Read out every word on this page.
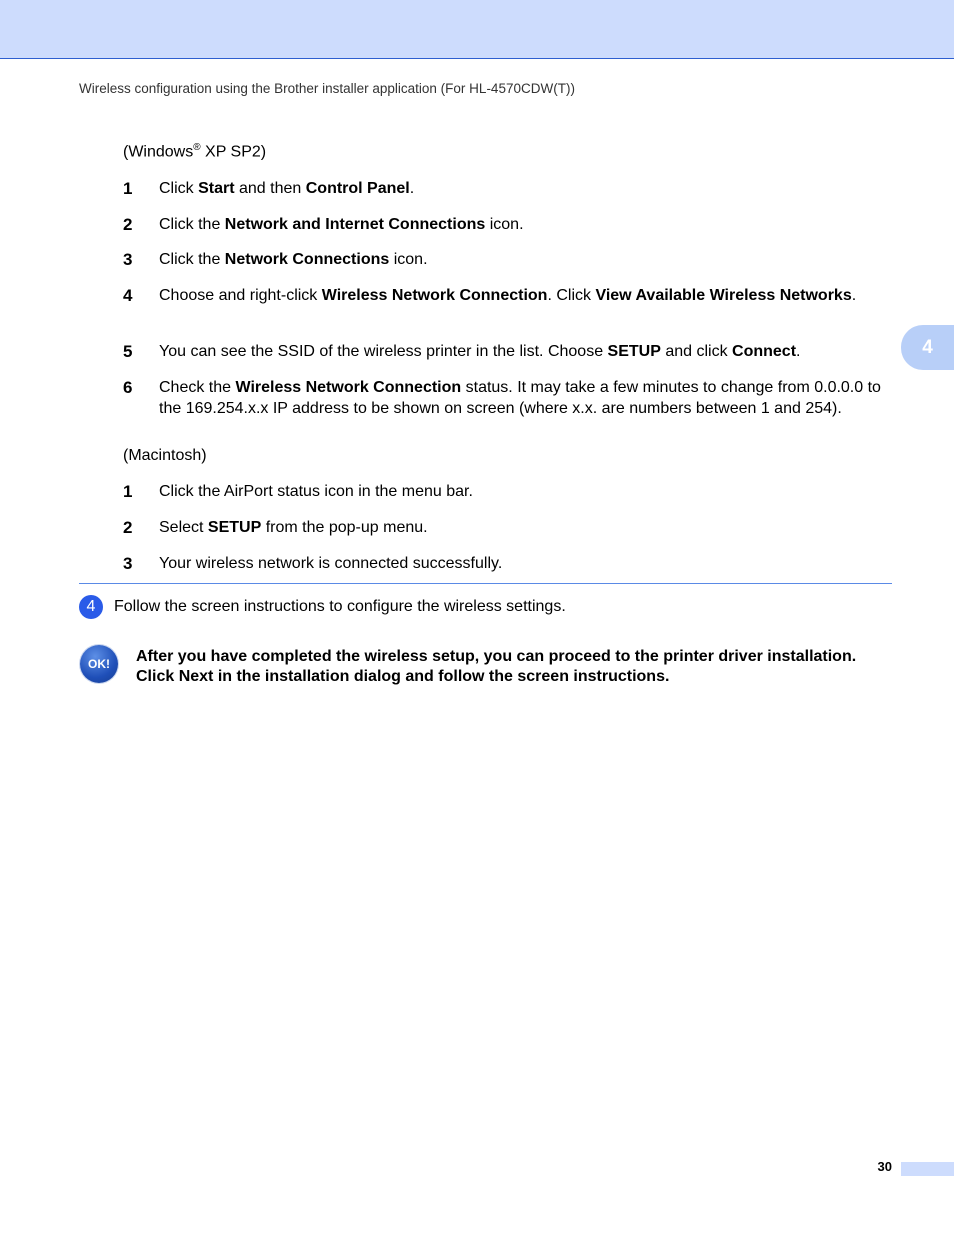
Wireless configuration using the Brother installer application (For HL-4570CDW(T))
4
(Windows® XP SP2)
1 Click Start and then Control Panel.
2 Click the Network and Internet Connections icon.
3 Click the Network Connections icon.
4 Choose and right-click Wireless Network Connection. Click View Available Wireless Networks.
5 You can see the SSID of the wireless printer in the list. Choose SETUP and click Connect.
6 Check the Wireless Network Connection status. It may take a few minutes to change from 0.0.0.0 to the 169.254.x.x IP address to be shown on screen (where x.x. are numbers between 1 and 254).
(Macintosh)
1 Click the AirPort status icon in the menu bar.
2 Select SETUP from the pop-up menu.
3 Your wireless network is connected successfully.
4	Follow the screen instructions to configure the wireless settings.
OK!	After you have completed the wireless setup, you can proceed to the printer driver installation.
Click Next in the installation dialog and follow the screen instructions.
30
